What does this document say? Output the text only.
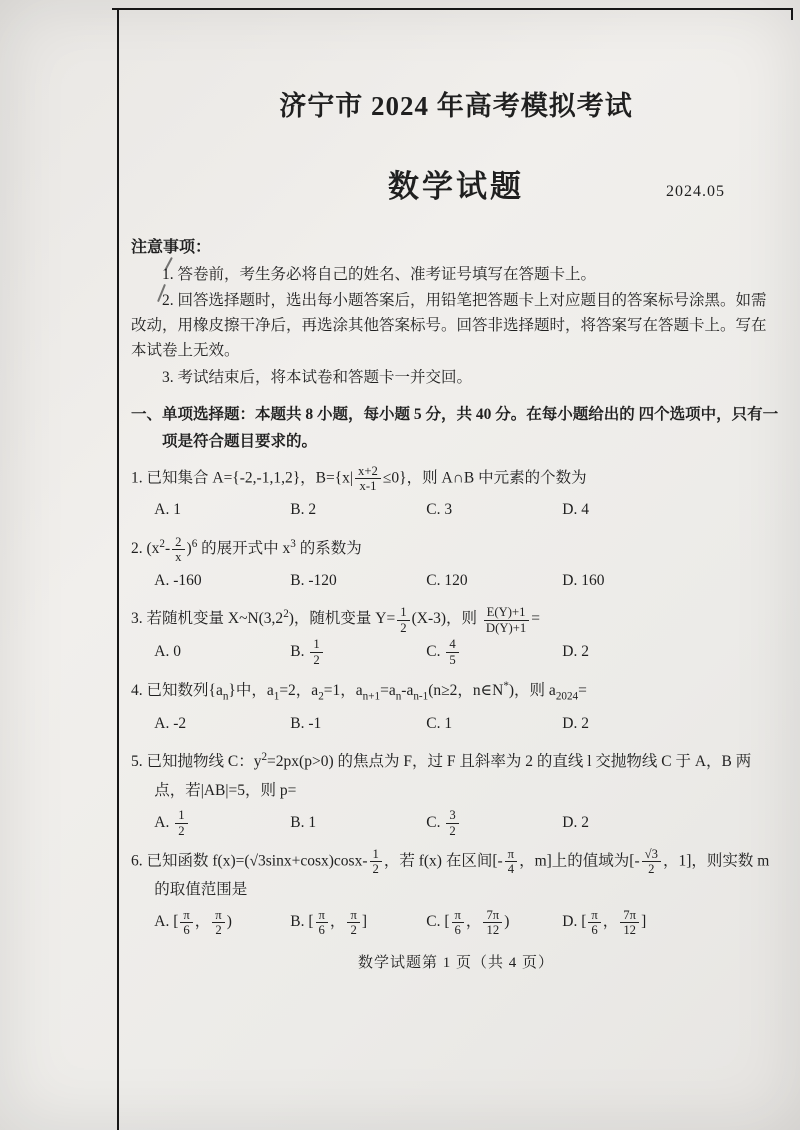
济宁市 2024 年高考模拟考试
数学试题	2024.05

注意事项：

1. 答卷前，考生务必将自己的姓名、准考证号填写在答题卡上。

2. 回答选择题时，选出每小题答案后，用铅笔把答题卡上对应题目的答案标号涂黑。如需改动，用橡皮擦干净后，再选涂其他答案标号。回答非选择题时，将答案写在答题卡上。写在本试卷上无效。

3. 考试结束后，将本试卷和答题卡一并交回。

一、单项选择题：本题共 8 小题，每小题 5 分，共 40 分。在每小题给出的 四个选项中，只有一项是符合题目要求的。

1. 已知集合 A={-2,-1,1,2}，$B=\{x| \frac{x+2}{x-1} \le 0\}$，则 A∩B 中元素的个数为

A. 1	B. 2	C. 3	D. 4

2. $(x^2- \frac{2}{x} )^6$ 的展开式中 $x^3$ 的系数为

A. -160	B. -120	C. 120	D. 160

3. 若随机变量 $X\sim N(3,2^2)$，随机变量 $Y= \frac{1}{2} (X-3)$，则 $\frac{E(Y)+1}{D(Y)+1}$ =

A. 0	B. $\frac{1}{2}$	C. $\frac{4}{5}$	D. 2

4. 已知数列$\{a_n\}$中，$a_1=2$，$a_2=1$，$a_{n+1}=a_n-a_{n-1}(n\ge 2$，n∈N*)，则 $a_{2024}=$

A. -2	B. -1	C. 1	D. 2

5. 已知抛物线 C：$y^2=2px(p>0)$ 的焦点为 F，过 F 且斜率为 2 的直线 l 交抛物线 C 于 A，B 两点，若|AB|=5，则 p=

A. $\frac{1}{2}$	B. 1	C. $\frac{3}{2}$	D. 2

6. 已知函数 $f(x)=(√3\sin x+\cos x)\cos x- \frac{1}{2}$ ，若 f(x) 在区间[- $\frac{\pi}{4}$ ，m]上的值域为[- $\frac{√3}{2}$ ，1]，则实数 m 的取值范围是

A. [ $\frac{\pi}{6}$ ， $\frac{\pi}{2}$ )	B. [ $\frac{\pi}{6}$ ， $\frac{\pi}{2}$ ]	C. [ $\frac{\pi}{6}$ ， $\frac{7\pi}{12}$ )	D. [ $\frac{\pi}{6}$ ， $\frac{7\pi}{12}$ ]

数学试题第 1 页（共 4 页）
